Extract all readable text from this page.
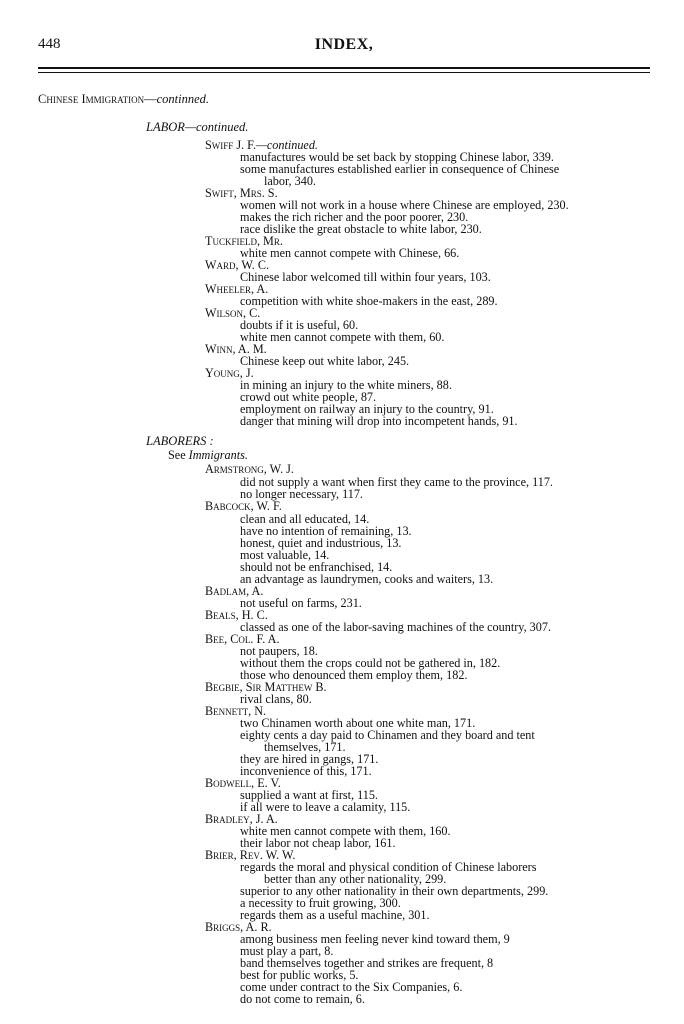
448	INDEX,
Chinese Immigration—continned.
LABOR—continued.
Swiff J. F.—continued.
manufactures would be set back by stopping Chinese labor, 339.
some manufactures established earlier in consequence of Chinese
labor, 340.
Swift, Mrs. S.
women will not work in a house where Chinese are employed, 230.
makes the rich richer and the poor poorer, 230.
race dislike the great obstacle to white labor, 230.
Tuckfield, Mr.
white men cannot compete with Chinese, 66.
Ward, W. C.
Chinese labor welcomed till within four years, 103.
Wheeler, A.
competition with white shoe-makers in the east, 289.
Wilson, C.
doubts if it is useful, 60.
white men cannot compete with them, 60.
Winn, A. M.
Chinese keep out white labor, 245.
Young, J.
in mining an injury to the white miners, 88.
crowd out white people, 87.
employment on railway an injury to the country, 91.
danger that mining will drop into incompetent hands, 91.
LABORERS :
See Immigrants.
Armstrong, W. J.
did not supply a want when first they came to the province, 117.
no longer necessary, 117.
Babcock, W. F.
clean and all educated, 14.
have no intention of remaining, 13.
honest, quiet and industrious, 13.
most valuable, 14.
should not be enfranchised, 14.
an advantage as laundrymen, cooks and waiters, 13.
Badlam, A.
not useful on farms, 231.
Beals, H. C.
classed as one of the labor-saving machines of the country, 307.
Bee, Col. F. A.
not paupers, 18.
without them the crops could not be gathered in, 182.
those who denounced them employ them, 182.
Begbie, Sir Matthew B.
rival clans, 80.
Bennett, N.
two Chinamen worth about one white man, 171.
eighty cents a day paid to Chinamen and they board and tent
themselves, 171.
they are hired in gangs, 171.
inconvenience of this, 171.
Bodwell, E. V.
supplied a want at first, 115.
if all were to leave a calamity, 115.
Bradley, J. A.
white men cannot compete with them, 160.
their labor not cheap labor, 161.
Brier, Rev. W. W.
regards the moral and physical condition of Chinese laborers
better than any other nationality, 299.
superior to any other nationality in their own departments, 299.
a necessity to fruit growing, 300.
regards them as a useful machine, 301.
Briggs, A. R.
among business men feeling never kind toward them, 9
must play a part, 8.
band themselves together and strikes are frequent, 8
best for public works, 5.
come under contract to the Six Companies, 6.
do not come to remain, 6.
